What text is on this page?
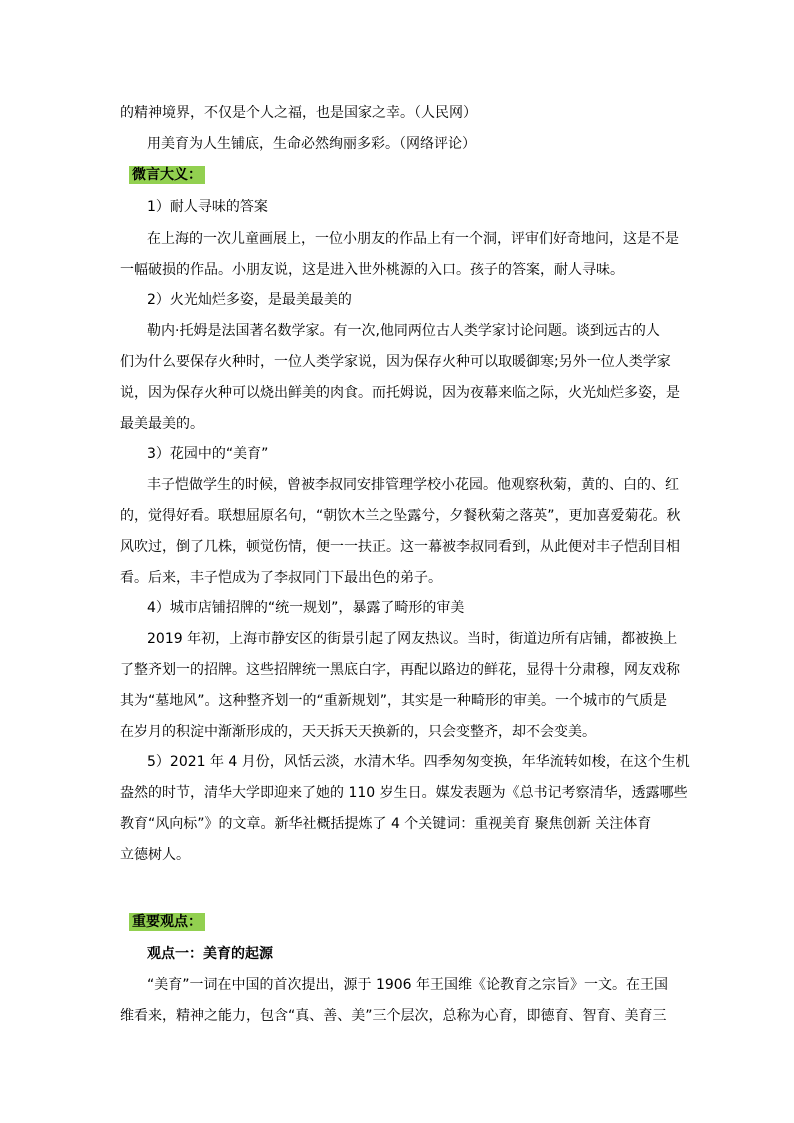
的精神境界，不仅是个人之福，也是国家之幸。（人民网）
用美育为人生铺底，生命必然绚丽多彩。（网络评论）
微言大义：
1）耐人寻味的答案
在上海的一次儿童画展上，一位小朋友的作品上有一个洞，评审们好奇地问，这是不是
一幅破损的作品。小朋友说，这是进入世外桃源的入口。孩子的答案，耐人寻味。
2）火光灿烂多姿，是最美最美的
勒内·托姆是法国著名数学家。有一次,他同两位古人类学家讨论问题。谈到远古的人
们为什么要保存火种时，一位人类学家说，因为保存火种可以取暖御寒;另外一位人类学家
说，因为保存火种可以烧出鲜美的肉食。而托姆说，因为夜幕来临之际，火光灿烂多姿，是
最美最美的。
3）花园中的“美育”
丰子恺做学生的时候，曾被李叔同安排管理学校小花园。他观察秋菊，黄的、白的、红
的，觉得好看。联想屈原名句，“朝饮木兰之坠露兮，夕餐秋菊之落英”，更加喜爱菊花。秋
风吹过，倒了几株，顿觉伤情，便一一扶正。这一幕被李叔同看到，从此便对丰子恺刮目相
看。后来，丰子恺成为了李叔同门下最出色的弟子。
4）城市店铺招牌的“统一规划”，暴露了畸形的审美
2019 年初，上海市静安区的街景引起了网友热议。当时，街道边所有店铺，都被换上
了整齐划一的招牌。这些招牌统一黑底白字，再配以路边的鲜花，显得十分肃穆，网友戏称
其为“墓地风”。这种整齐划一的“重新规划”，其实是一种畸形的审美。一个城市的气质是
在岁月的积淀中渐渐形成的，天天拆天天换新的，只会变整齐，却不会变美。
5）2021 年 4 月份，风恬云淡，水清木华。四季匆匆变换，年华流转如梭，在这个生机
盎然的时节，清华大学即迎来了她的 110 岁生日。媒发表题为《总书记考察清华，透露哪些
教育“风向标”》的文章。新华社概括提炼了 4 个关键词：重视美育 聚焦创新 关注体育
立德树人。
重要观点：
观点一：美育的起源
“美育”一词在中国的首次提出，源于 1906 年王国维《论教育之宗旨》一文。在王国
维看来，精神之能力，包含“真、善、美”三个层次，总称为心育，即德育、智育、美育三
